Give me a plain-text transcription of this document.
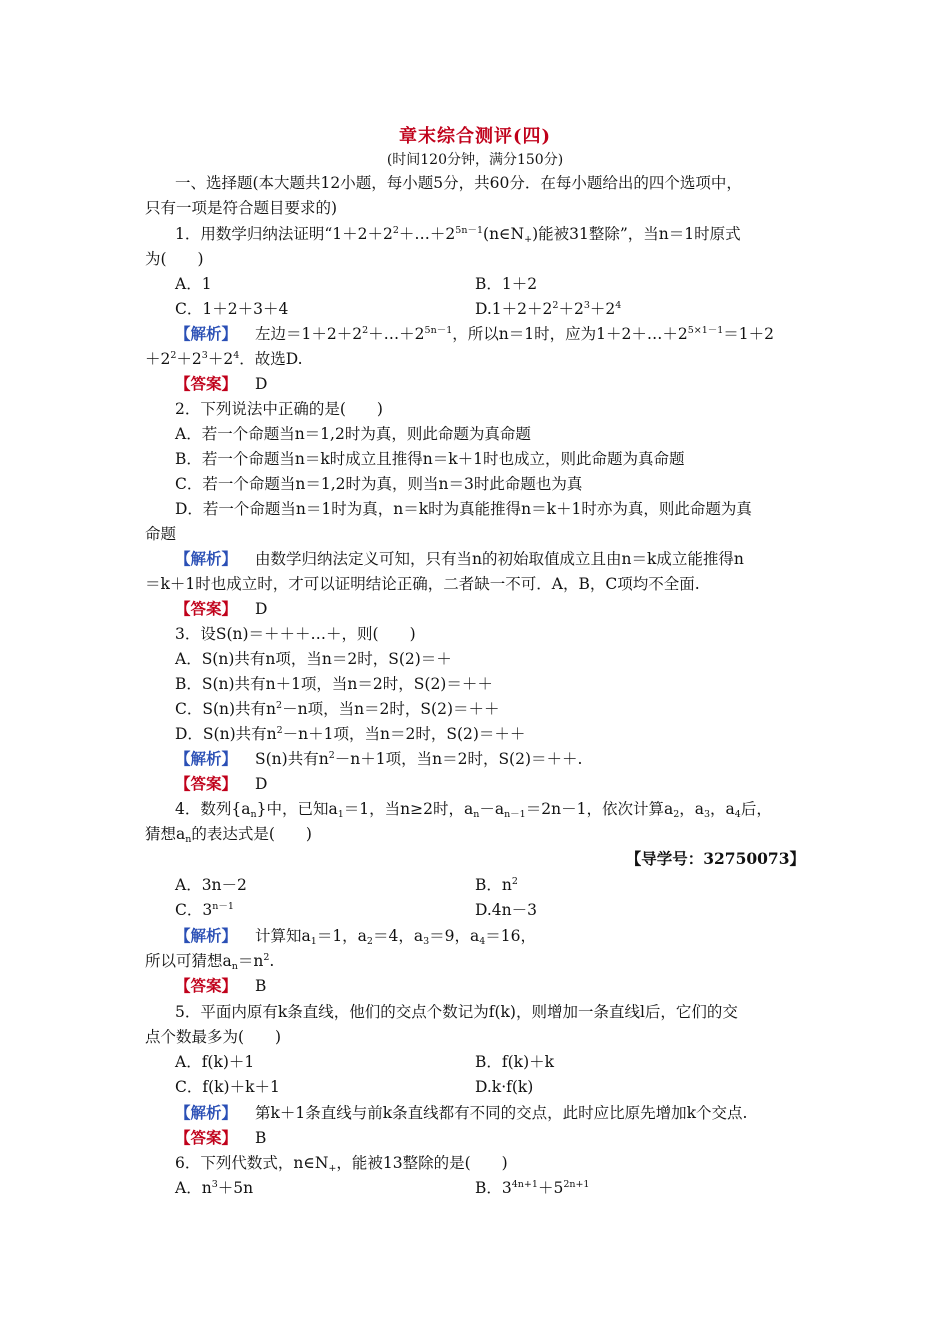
章末综合测评(四)
(时间120分钟，满分150分)
一、选择题(本大题共12小题，每小题5分，共60分．在每小题给出的四个选项中，
只有一项是符合题目要求的)
1．用数学归纳法证明“$1+2+2^2+\dots+2^{5n-1}(n\in N_+)$能被31整除”，当n＝1时原式
为(　　)
A．1	B．1＋2
C．1＋2＋3＋4	$D.1+2+2^2+2^3+2^4$
【解析】 左边$=1+2+2^2+\dots+2^{5n-1}$，所以n＝1时，应为$1+2+\dots+2^{5\times 1-1}=1+2$
$+2^2+2^3+2^4$．故选D.
【答案】 D
2．下列说法中正确的是(　　)
A．若一个命题当n＝1,2时为真，则此命题为真命题
B．若一个命题当n＝k时成立且推得n＝k＋1时也成立，则此命题为真命题
C．若一个命题当n＝1,2时为真，则当n＝3时此命题也为真
D．若一个命题当n＝1时为真，n＝k时为真能推得n＝k＋1时亦为真，则此命题为真
命题
【解析】 由数学归纳法定义可知，只有当n的初始取值成立且由n＝k成立能推得n
＝k＋1时也成立时，才可以证明结论正确，二者缺一不可．A，B，C项均不全面.
【答案】 D
3．设S(n)＝＋＋＋…＋，则(　　)
A．S(n)共有n项，当n＝2时，S(2)＝＋
B．S(n)共有n＋1项，当n＝2时，S(2)＝＋＋
C．S(n)共有$n^2-n$项，当n＝2时，S(2)＝＋＋
D．S(n)共有$n^2-n+1$项，当n＝2时，S(2)＝＋＋
【解析】 S(n)共有$n^2-n+1$项，当n＝2时，S(2)＝＋＋.
【答案】 D
4．数列$\{a_n\}$中，已知$a_1=1$，当n≥2时，$a_n-a_{n-1}=2n-1$，依次计算$a_2$，$a_3$，$a_4$后，
猜想$a_n$的表达式是(　　)
【导学号：32750073】
A．3n－2	B．$n^2$
C．$3^{n-1}$	D.4n－3
【解析】 计算知$a_1=1$，$a_2=4$，$a_3=9$，$a_4=16$，
所以可猜想$a_n=n^2$.
【答案】 B
5．平面内原有k条直线，他们的交点个数记为f(k)，则增加一条直线l后，它们的交
点个数最多为(　　)
A．f(k)＋1	B．f(k)＋k
C．f(k)＋k＋1	D.k·f(k)
【解析】 第k＋1条直线与前k条直线都有不同的交点，此时应比原先增加k个交点.
【答案】 B
6．下列代数式，$n\in N_+$，能被13整除的是(　　)
A．$n^3+5n$	B．$3^{4n+1}+5^{2n+1}$
